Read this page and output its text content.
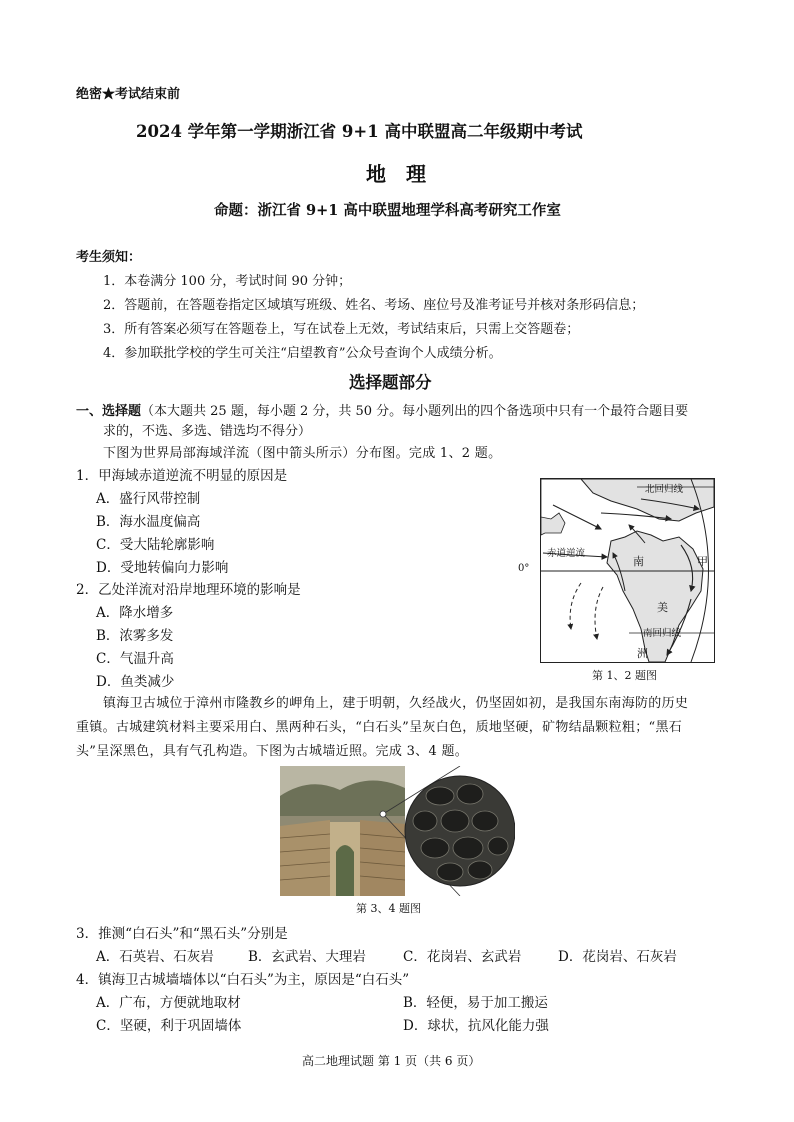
绝密★考试结束前
2024 学年第一学期浙江省 9+1 高中联盟高二年级期中考试
地　理
命题：浙江省 9+1 高中联盟地理学科高考研究工作室
考生须知：
1．本卷满分 100 分，考试时间 90 分钟；
2．答题前，在答题卷指定区域填写班级、姓名、考场、座位号及准考证号并核对条形码信息；
3．所有答案必须写在答题卷上，写在试卷上无效，考试结束后，只需上交答题卷；
4．参加联批学校的学生可关注“启望教育”公众号查询个人成绩分析。
选择题部分
一、选择题（本大题共 25 题，每小题 2 分，共 50 分。每小题列出的四个备选项中只有一个最符合题目要
求的，不选、多选、错选均不得分）
下图为世界局部海域洋流（图中箭头所示）分布图。完成 1、2 题。
1．甲海域赤道逆流不明显的原因是
A．盛行风带控制
B．海水温度偏高
C．受大陆轮廓影响
D．受地转偏向力影响
2．乙处洋流对沿岸地理环境的影响是
A．降水增多
B．浓雾多发
C．气温升高
D．鱼类减少
0°
北回归线
赤道逆流
南回归线
南
美
洲
甲
第 1、2 题图
镇海卫古城位于漳州市隆教乡的岬角上，建于明朝，久经战火，仍坚固如初，是我国东南海防的历史
重镇。古城建筑材料主要采用白、黑两种石头，“白石头”呈灰白色，质地坚硬，矿物结晶颗粒粗；“黑石
头”呈深黑色，具有气孔构造。下图为古城墙近照。完成 3、4 题。
第 3、4 题图
3．推测“白石头”和“黑石头”分别是
A．石英岩、石灰岩	B．玄武岩、大理岩	C．花岗岩、玄武岩	D．花岗岩、石灰岩
4．镇海卫古城墙墙体以“白石头”为主，原因是“白石头”
A．广布，方便就地取材	B．轻便，易于加工搬运
C．坚硬，利于巩固墙体	D．球状，抗风化能力强
高二地理试题 第 1 页（共 6 页）
